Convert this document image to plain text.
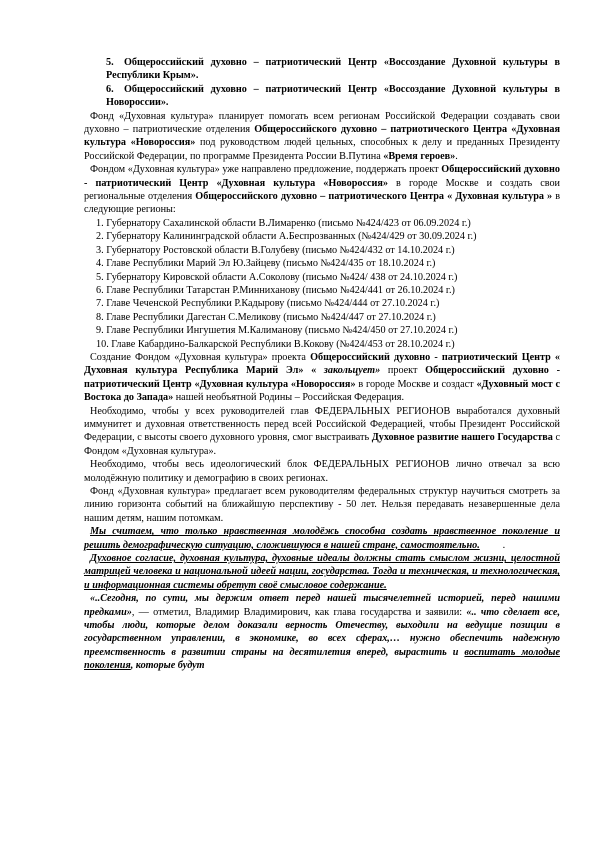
5. Общероссийский духовно – патриотический Центр «Воссоздание Духовной культуры в Республики Крым».
6. Общероссийский духовно – патриотический Центр «Воссоздание Духовной культуры в Новороссии».
Фонд «Духовная культура» планирует помогать всем регионам Российской Федерации создавать свои духовно – патриотические отделения Общероссийского духовно – патриотического Центра «Духовная культура «Новороссия» под руководством людей цельных, способных к делу и преданных Президенту Российской Федерации, по программе Президента России В.Путина «Время героев».
Фондом «Духовная культура» уже направлено предложение, поддержать проект Общероссийский духовно - патриотический Центр «Духовная культура «Новороссия» в городе Москве и создать свои региональные отделения Общероссийского духовно – патриотического Центра « Духовная культура » в следующие регионы:
1. Губернатору Сахалинской области В.Лимаренко (письмо №424/423 от 06.09.2024 г.)
2. Губернатору Калининградской области А.Беспрозванных (№424/429 от 30.09.2024 г.)
3. Губернатору Ростовской области В.Голубеву (письмо №424/432 от 14.10.2024 г.)
4. Главе Республики Марий Эл Ю.Зайцеву (письмо №424/435 от 18.10.2024 г.)
5. Губернатору Кировской области А.Соколову (письмо №424/ 438 от 24.10.2024 г.)
6. Главе Республики Татарстан Р.Минниханову (письмо №424/441 от 26.10.2024 г.)
7. Главе Чеченской Республики Р.Кадырову (письмо №424/444 от 27.10.2024 г.)
8. Главе Республики Дагестан С.Меликову (письмо №424/447 от 27.10.2024 г.)
9. Главе Республики Ингушетия М.Калиманову (письмо №424/450 от 27.10.2024 г.)
10. Главе Кабардино-Балкарской Республики В.Кокову (№424/453 от 28.10.2024 г.)
Создание Фондом «Духовная культура» проекта Общероссийский духовно - патриотический Центр « Духовная культура Республика Марий Эл» « закольцует» проект Общероссийский духовно - патриотический Центр «Духовная культура «Новороссия» в городе Москве и создаст «Духовный мост с Востока до Запада» нашей необъятной Родины – Российская Федерация.
Необходимо, чтобы у всех руководителей глав ФЕДЕРАЛЬНЫХ РЕГИОНОВ выработался духовный иммунитет и духовная ответственность перед всей Российской Федерацией, чтобы Президент Российской Федерации, с высоты своего духовного уровня, смог выстраивать Духовное развитие нашего Государства с Фондом «Духовная культура».
Необходимо, чтобы весь идеологический блок ФЕДЕРАЛЬНЫХ РЕГИОНОВ лично отвечал за всю молодёжную политику и демографию в своих регионах.
Фонд «Духовная культура» предлагает всем руководителям федеральных структур научиться смотреть за линию горизонта событий на ближайшую перспективу - 50 лет. Нельзя передавать незавершенные дела нашим детям, нашим потомкам.
Мы считаем, что только нравственная молодёжь способна создать нравственное поколение и решить демографическую ситуацию, сложившуюся в нашей стране, самостоятельно.         .
Духовное согласие, духовная культура, духовные идеалы должны стать смыслом жизни, целостной матрицей человека и национальной идеей нации, государства. Тогда и техническая, и технологическая, и информационная системы обретут своё смысловое содержание.
«..Сегодня, по сути, мы держим ответ перед нашей тысячелетней историей, перед нашими предками», — отметил, Владимир Владимирович, как глава государства и заявили: «.. что сделает все, чтобы люди, которые делом доказали верность Отечеству, выходили на ведущие позиции в государственном управлении, в экономике, во всех сферах,… нужно обеспечить надежную преемственность в развитии страны на десятилетия вперед, вырастить и воспитать молодые поколения, которые будут
